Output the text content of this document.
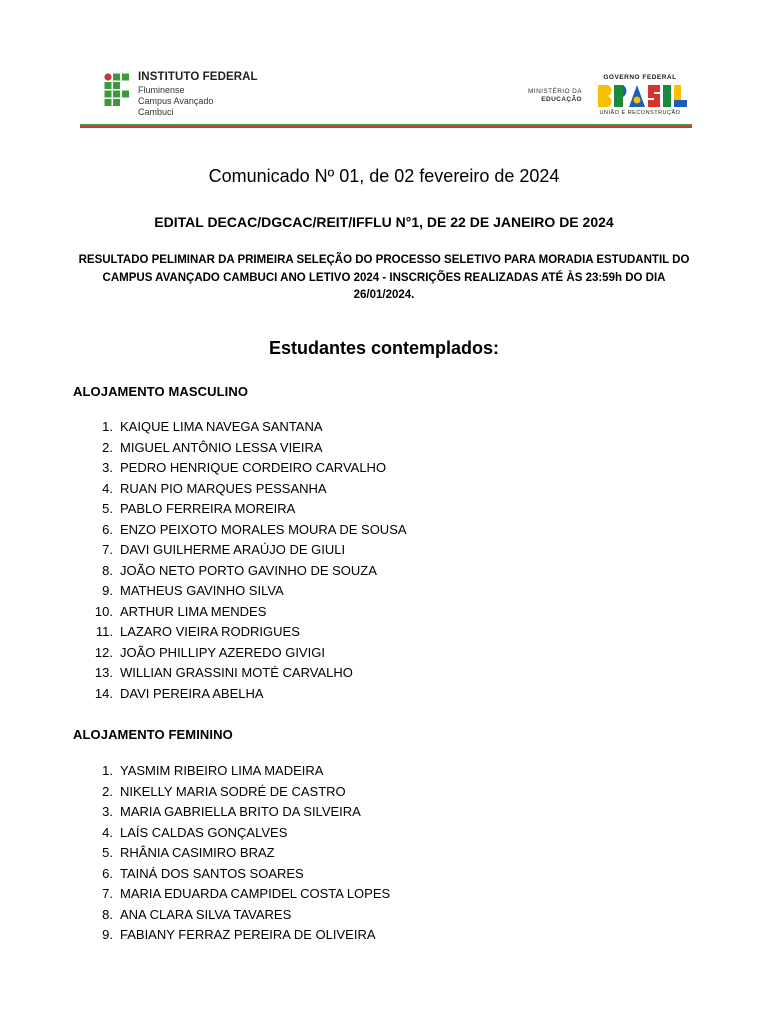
INSTITUTO FEDERAL
Fluminense
Campus Avançado
Cambuci
MINISTÉRIO DA
EDUCAÇÃO
GOVERNO FEDERAL
UNIÃO E RECONSTRUÇÃO
Comunicado Nº 01, de 02 fevereiro de 2024
EDITAL DECAC/DGCAC/REIT/IFFLU N°1, DE 22 DE JANEIRO DE 2024
RESULTADO PELIMINAR DA PRIMEIRA SELEÇÃO DO PROCESSO SELETIVO PARA MORADIA ESTUDANTIL DO
CAMPUS AVANÇADO CAMBUCI ANO LETIVO 2024 - INSCRIÇÕES REALIZADAS ATÉ ÀS 23:59h DO DIA
26/01/2024.
Estudantes contemplados:
ALOJAMENTO MASCULINO
1. KAIQUE LIMA NAVEGA SANTANA
2. MIGUEL ANTÔNIO LESSA VIEIRA
3. PEDRO HENRIQUE CORDEIRO CARVALHO
4. RUAN PIO MARQUES PESSANHA
5. PABLO FERREIRA MOREIRA
6. ENZO PEIXOTO MORALES MOURA DE SOUSA
7. DAVI GUILHERME ARAÚJO DE GIULI
8. JOÃO NETO PORTO GAVINHO DE SOUZA
9. MATHEUS GAVINHO SILVA
10. ARTHUR LIMA MENDES
11. LAZARO VIEIRA RODRIGUES
12. JOÃO PHILLIPY AZEREDO GIVIGI
13. WILLIAN GRASSINI MOTÉ CARVALHO
14. DAVI PEREIRA ABELHA
ALOJAMENTO FEMININO
1. YASMIM RIBEIRO LIMA MADEIRA
2. NIKELLY MARIA SODRÉ DE CASTRO
3. MARIA GABRIELLA BRITO DA SILVEIRA
4. LAÍS CALDAS GONÇALVES
5. RHÂNIA CASIMIRO BRAZ
6. TAINÁ DOS SANTOS SOARES
7. MARIA EDUARDA CAMPIDEL COSTA LOPES
8. ANA CLARA SILVA TAVARES
9. FABIANY FERRAZ PEREIRA DE OLIVEIRA
